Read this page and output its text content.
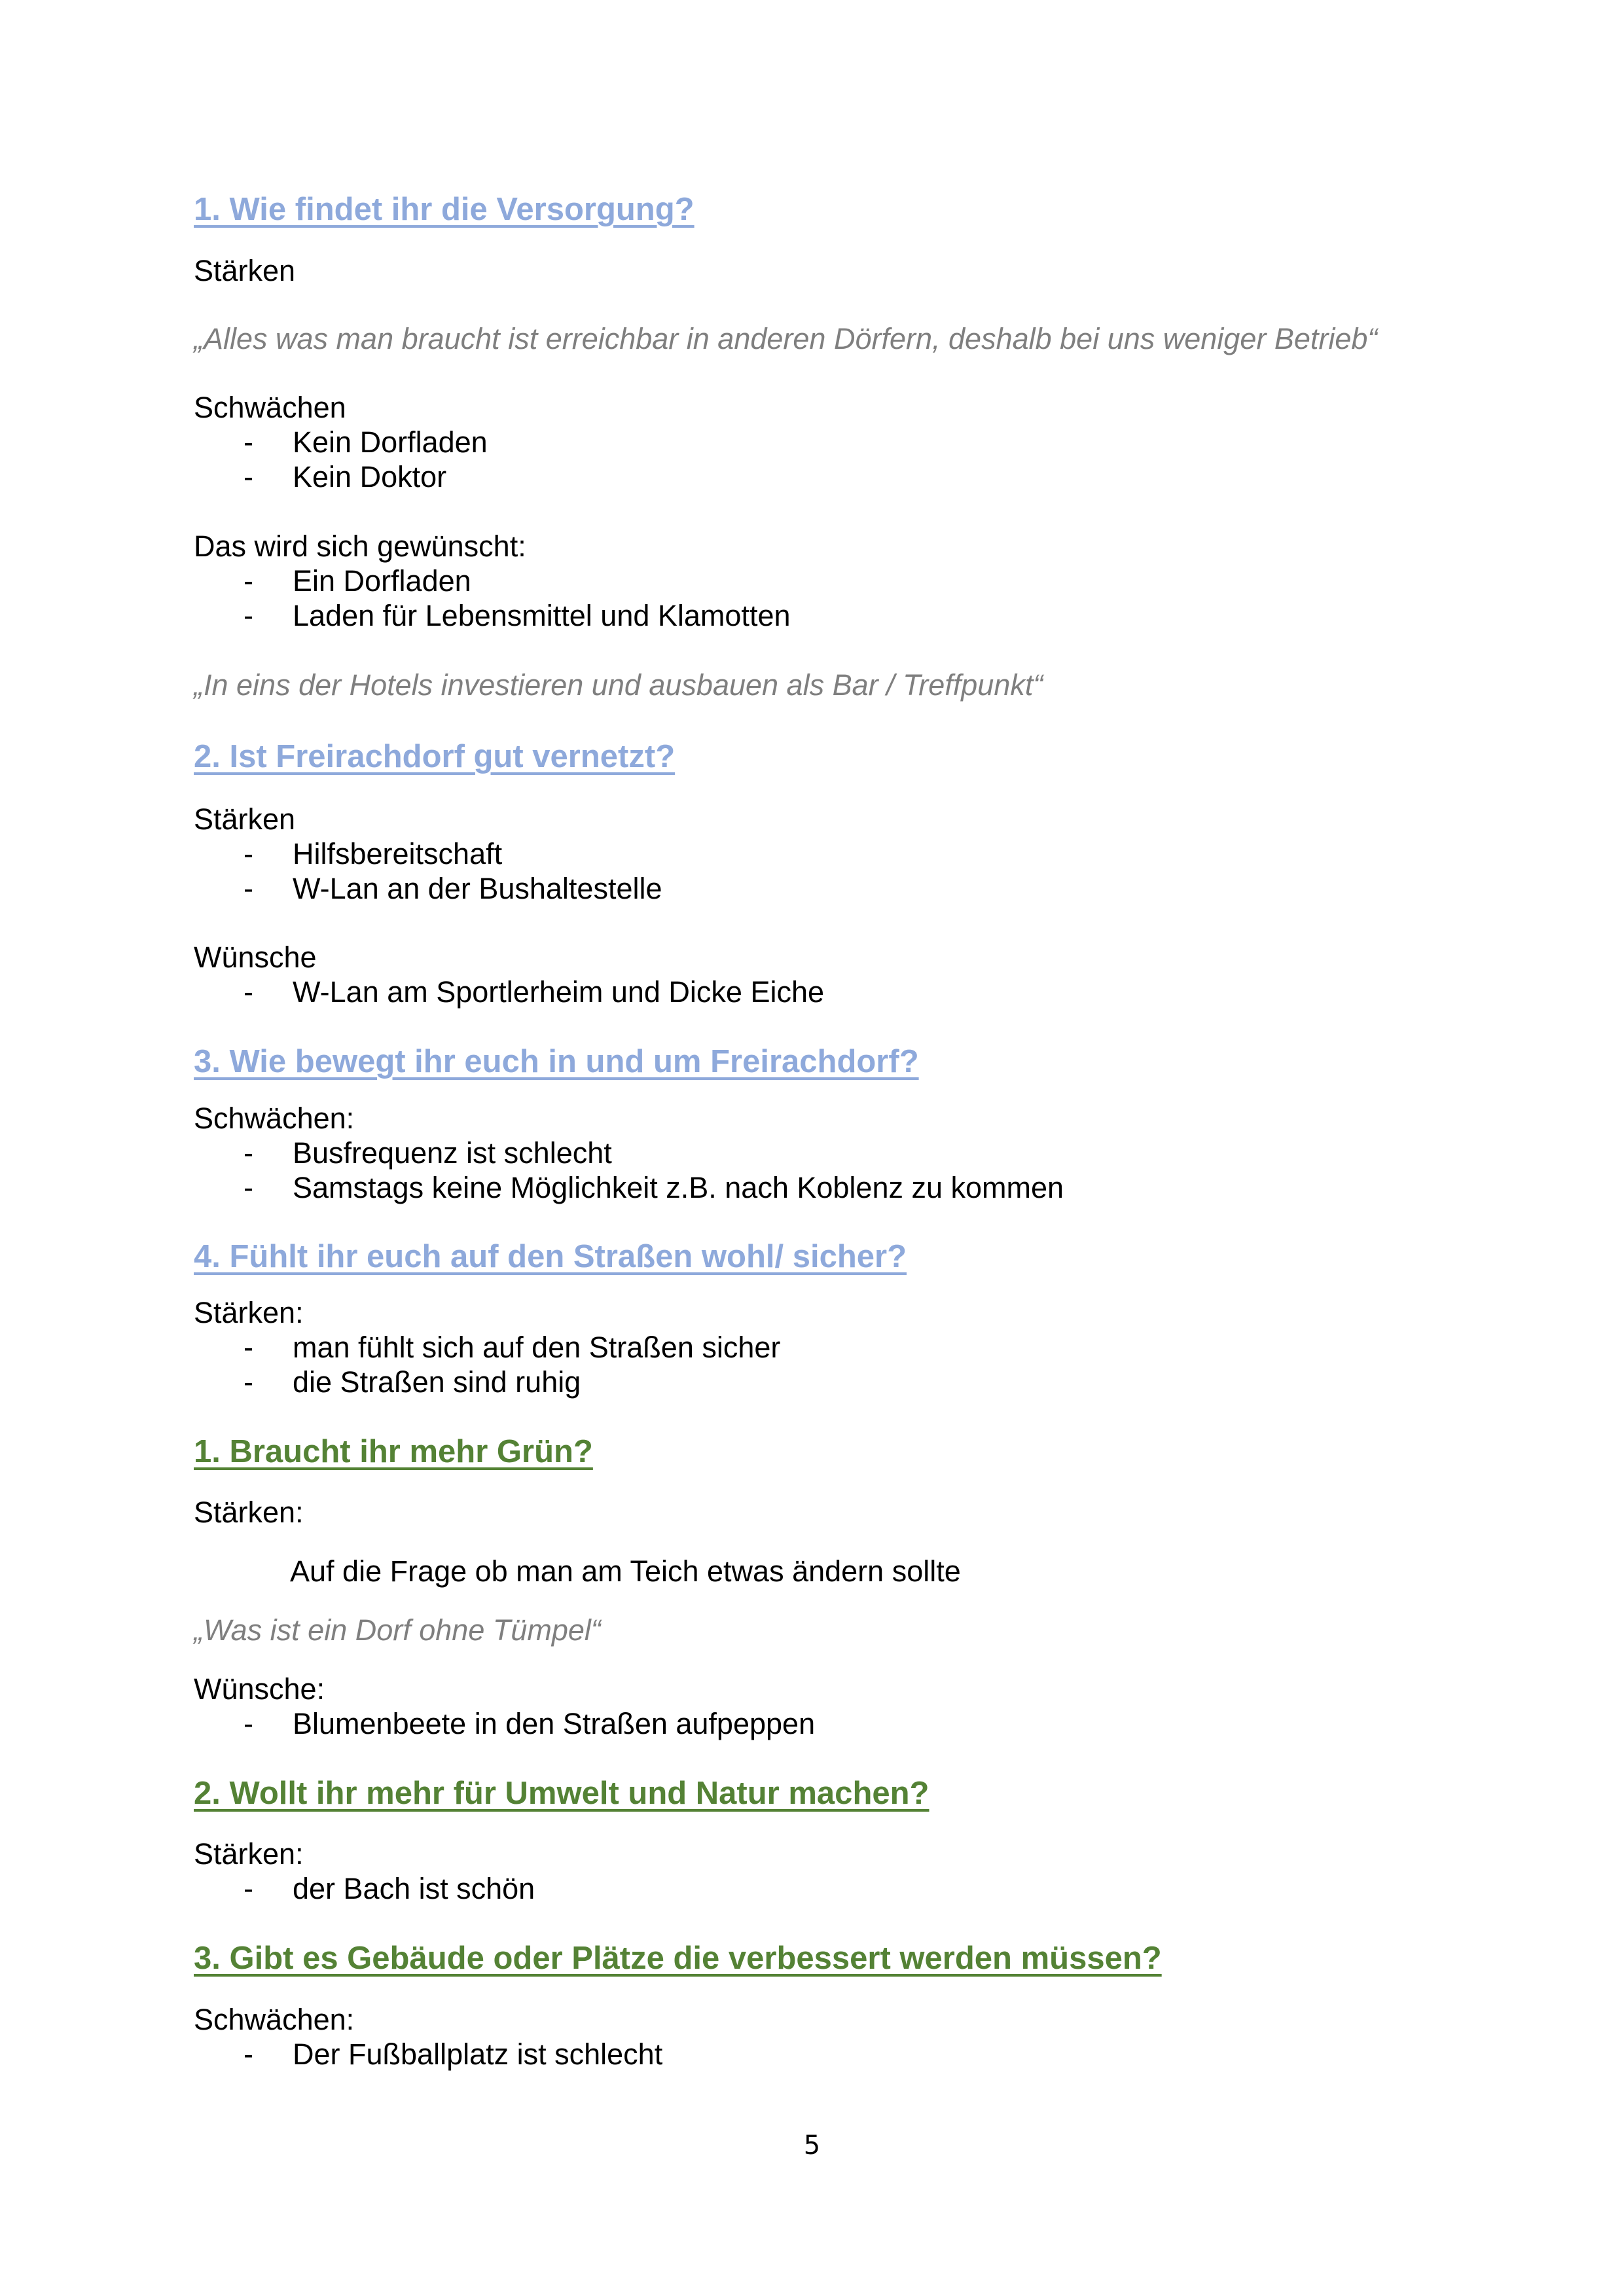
1. Wie findet ihr die Versorgung?
Stärken
„Alles was man braucht ist erreichbar in anderen Dörfern, deshalb bei uns weniger Betrieb“
Schwächen
- Kein Dorfladen
- Kein Doktor
Das wird sich gewünscht:
- Ein Dorfladen
- Laden für Lebensmittel und Klamotten
„In eins der Hotels investieren und ausbauen als Bar / Treffpunkt“
2. Ist Freirachdorf gut vernetzt?
Stärken
- Hilfsbereitschaft
- W-Lan an der Bushaltestelle
Wünsche
- W-Lan am Sportlerheim und Dicke Eiche
3. Wie bewegt ihr euch in und um Freirachdorf?
Schwächen:
- Busfrequenz ist schlecht
- Samstags keine Möglichkeit z.B. nach Koblenz zu kommen
4. Fühlt ihr euch auf den Straßen wohl/ sicher?
Stärken:
- man fühlt sich auf den Straßen sicher
- die Straßen sind ruhig
1. Braucht ihr mehr Grün?
Stärken:
Auf die Frage ob man am Teich etwas ändern sollte
„Was ist ein Dorf ohne Tümpel“
Wünsche:
- Blumenbeete in den Straßen aufpeppen
2. Wollt ihr mehr für Umwelt und Natur machen?
Stärken:
- der Bach ist schön
3. Gibt es Gebäude oder Plätze die verbessert werden müssen?
Schwächen:
- Der Fußballplatz ist schlecht
5
